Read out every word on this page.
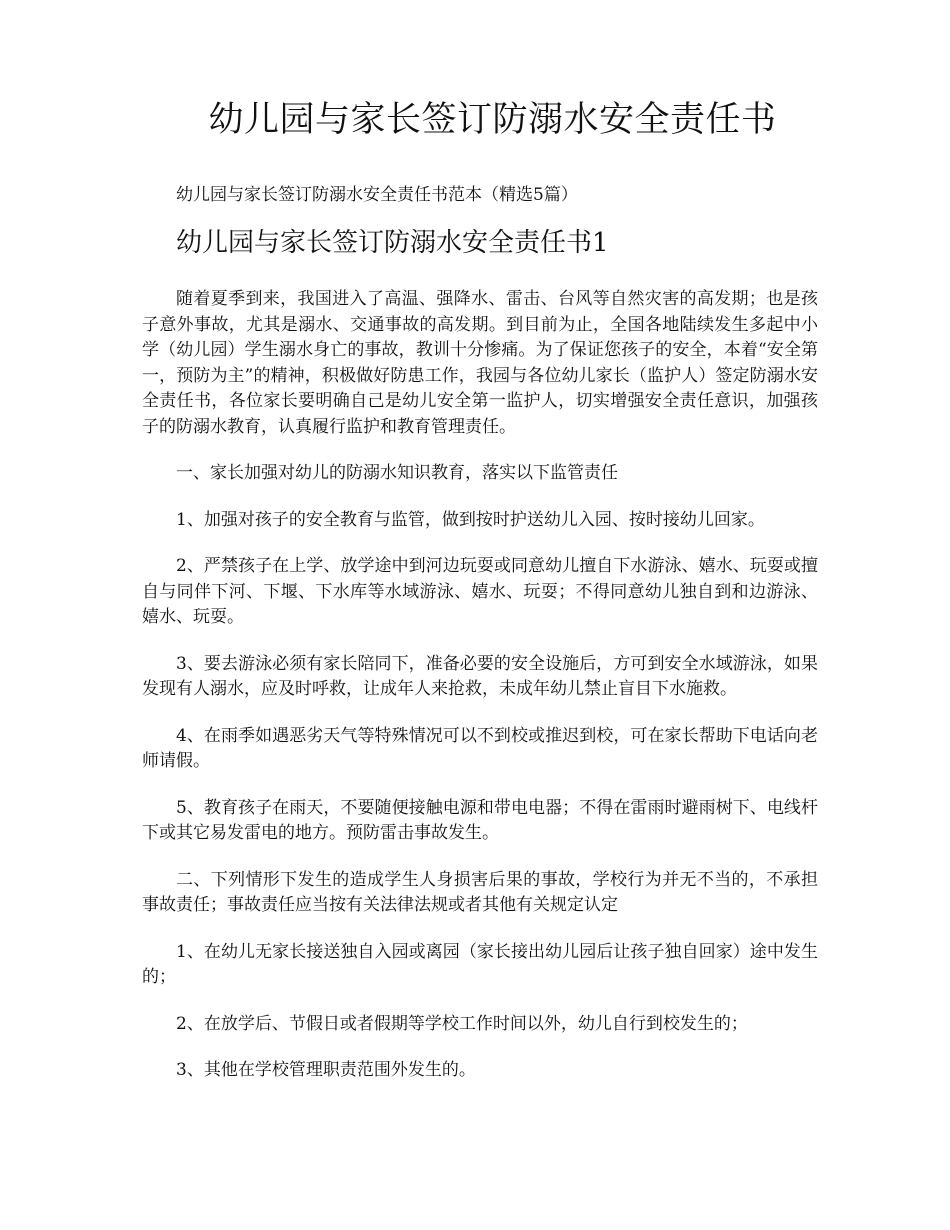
幼儿园与家长签订防溺水安全责任书

幼儿园与家长签订防溺水安全责任书范本（精选5篇）

幼儿园与家长签订防溺水安全责任书1

随着夏季到来，我国进入了高温、强降水、雷击、台风等自然灾害的高发期；也是孩子意外事故，尤其是溺水、交通事故的高发期。到目前为止，全国各地陆续发生多起中小学（幼儿园）学生溺水身亡的事故，教训十分惨痛。为了保证您孩子的安全，本着“安全第一，预防为主”的精神，积极做好防患工作，我园与各位幼儿家长（监护人）签定防溺水安全责任书，各位家长要明确自己是幼儿安全第一监护人，切实增强安全责任意识，加强孩子的防溺水教育，认真履行监护和教育管理责任。

一、家长加强对幼儿的防溺水知识教育，落实以下监管责任

1、加强对孩子的安全教育与监管，做到按时护送幼儿入园、按时接幼儿回家。

2、严禁孩子在上学、放学途中到河边玩耍或同意幼儿擅自下水游泳、嬉水、玩耍或擅自与同伴下河、下堰、下水库等水域游泳、嬉水、玩耍；不得同意幼儿独自到和边游泳、嬉水、玩耍。

3、要去游泳必须有家长陪同下，准备必要的安全设施后，方可到安全水域游泳，如果发现有人溺水，应及时呼救，让成年人来抢救，未成年幼儿禁止盲目下水施救。

4、在雨季如遇恶劣天气等特殊情况可以不到校或推迟到校，可在家长帮助下电话向老师请假。

5、教育孩子在雨天，不要随便接触电源和带电电器；不得在雷雨时避雨树下、电线杆下或其它易发雷电的地方。预防雷击事故发生。

二、下列情形下发生的造成学生人身损害后果的事故，学校行为并无不当的，不承担事故责任；事故责任应当按有关法律法规或者其他有关规定认定

1、在幼儿无家长接送独自入园或离园（家长接出幼儿园后让孩子独自回家）途中发生的；

2、在放学后、节假日或者假期等学校工作时间以外，幼儿自行到校发生的；

3、其他在学校管理职责范围外发生的。
